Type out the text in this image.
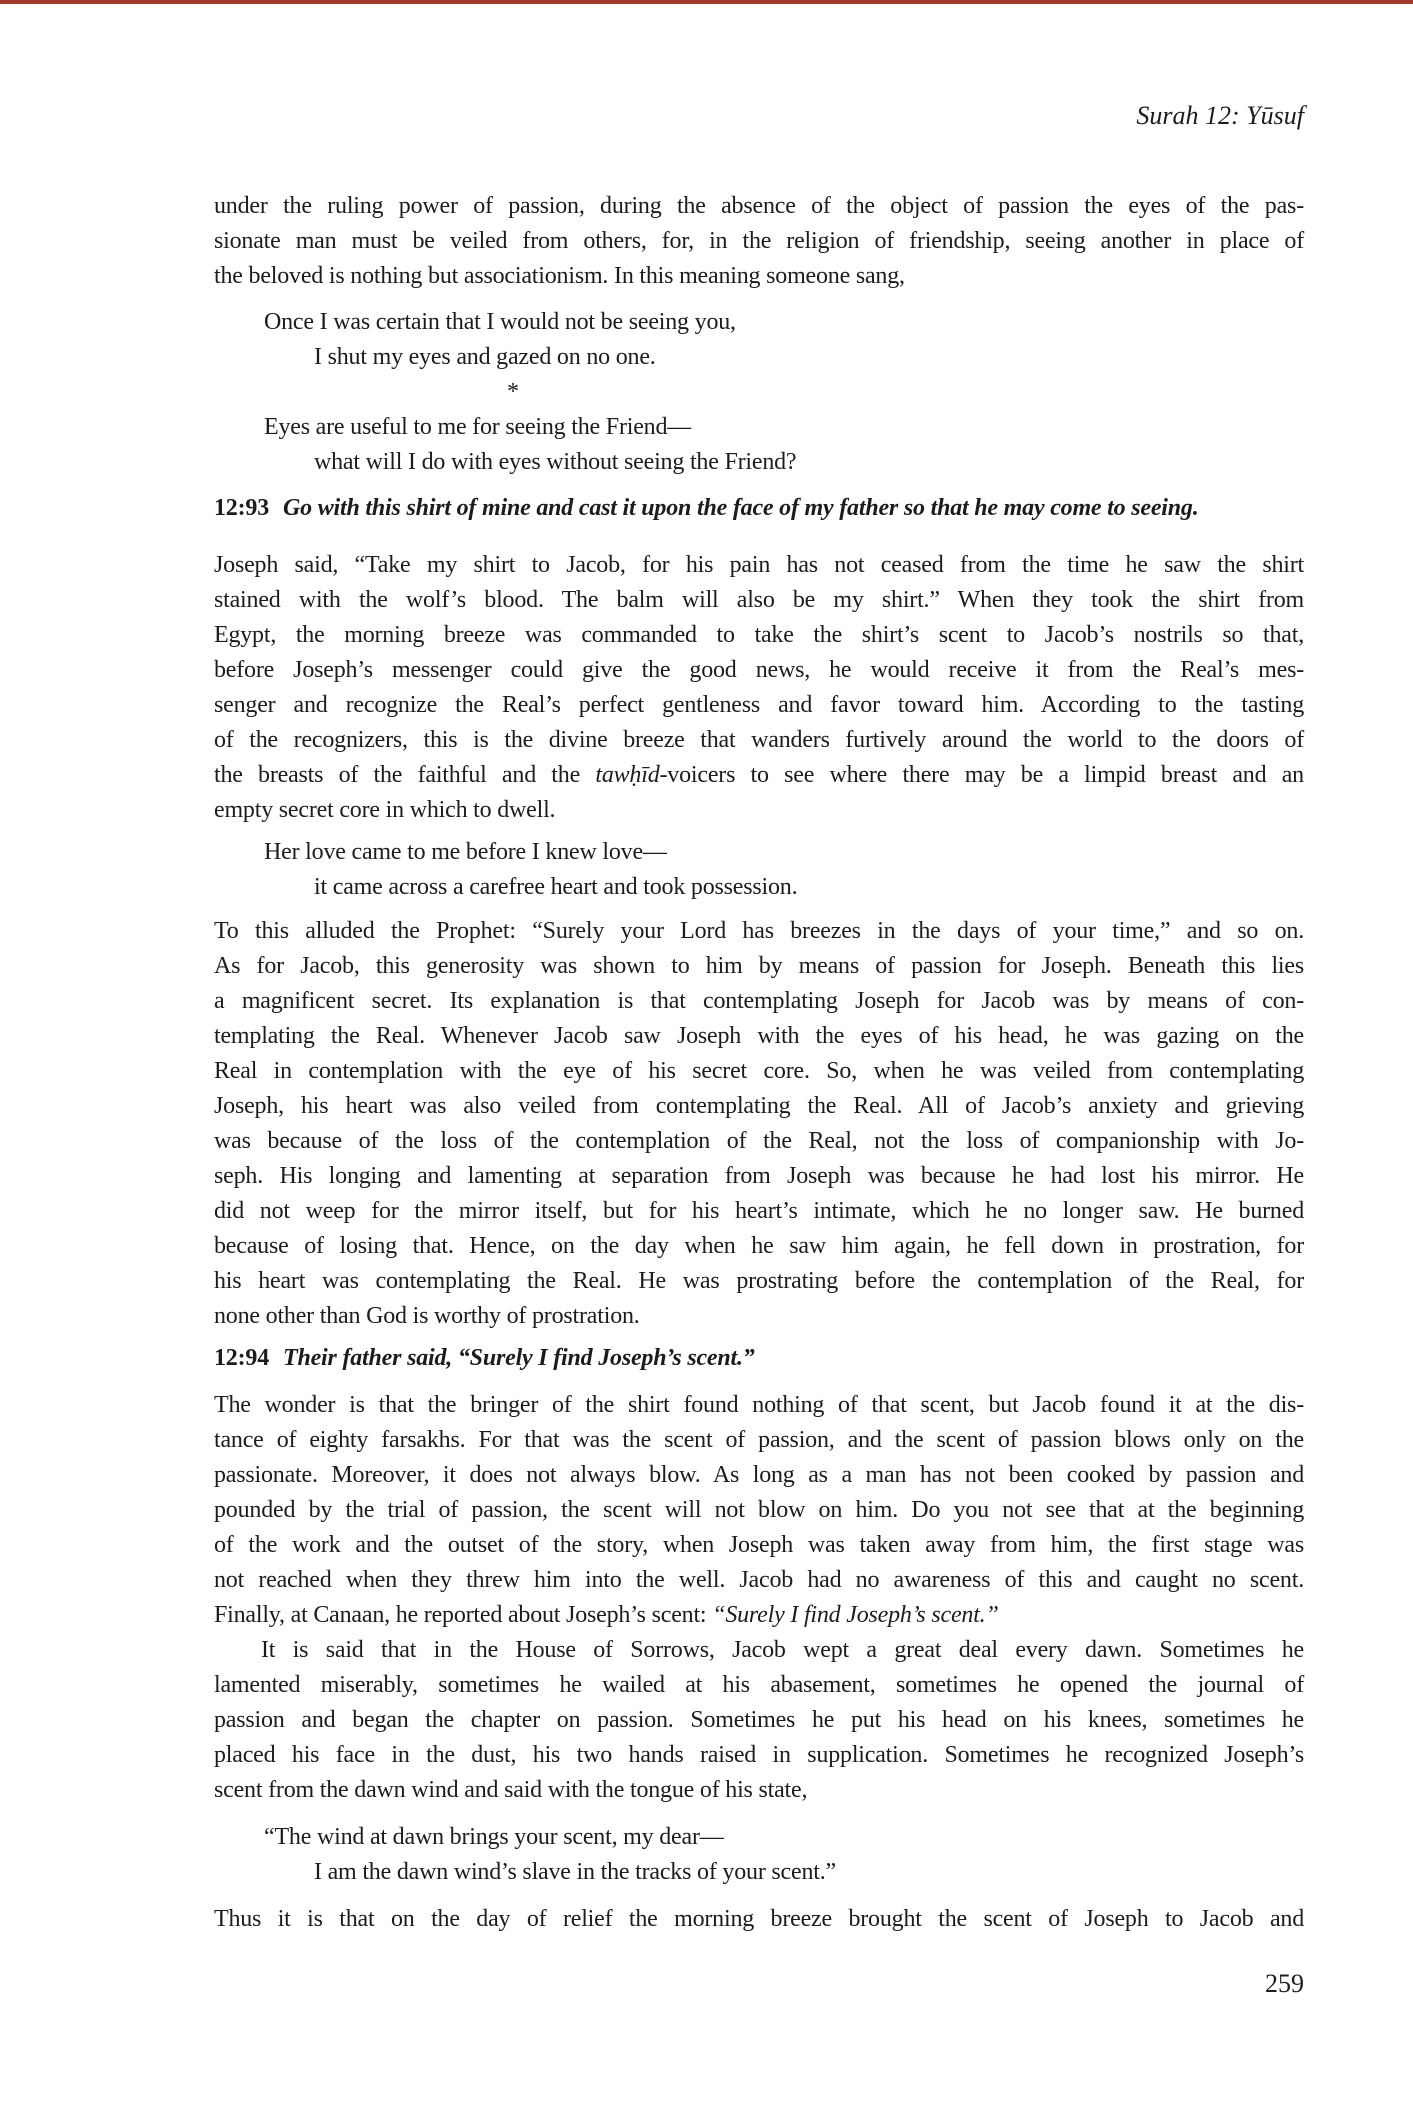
Surah 12: Yūsuf
under the ruling power of passion, during the absence of the object of passion the eyes of the pas-
sionate man must be veiled from others, for, in the religion of friendship, seeing another in place of
the beloved is nothing but associationism. In this meaning someone sang,
Once I was certain that I would not be seeing you,
I shut my eyes and gazed on no one.
*
Eyes are useful to me for seeing the Friend—
what will I do with eyes without seeing the Friend?
12:93 Go with this shirt of mine and cast it upon the face of my father so that he may come to seeing.
Joseph said, “Take my shirt to Jacob, for his pain has not ceased from the time he saw the shirt
stained with the wolf’s blood. The balm will also be my shirt.” When they took the shirt from
Egypt, the morning breeze was commanded to take the shirt’s scent to Jacob’s nostrils so that,
before Joseph’s messenger could give the good news, he would receive it from the Real’s mes-
senger and recognize the Real’s perfect gentleness and favor toward him. According to the tasting
of the recognizers, this is the divine breeze that wanders furtively around the world to the doors of
the breasts of the faithful and the tawḥīd-voicers to see where there may be a limpid breast and an
empty secret core in which to dwell.
Her love came to me before I knew love—
it came across a carefree heart and took possession.
To this alluded the Prophet: “Surely your Lord has breezes in the days of your time,” and so on.
As for Jacob, this generosity was shown to him by means of passion for Joseph. Beneath this lies
a magnificent secret. Its explanation is that contemplating Joseph for Jacob was by means of con-
templating the Real. Whenever Jacob saw Joseph with the eyes of his head, he was gazing on the
Real in contemplation with the eye of his secret core. So, when he was veiled from contemplating
Joseph, his heart was also veiled from contemplating the Real. All of Jacob’s anxiety and grieving
was because of the loss of the contemplation of the Real, not the loss of companionship with Jo-
seph. His longing and lamenting at separation from Joseph was because he had lost his mirror. He
did not weep for the mirror itself, but for his heart’s intimate, which he no longer saw. He burned
because of losing that. Hence, on the day when he saw him again, he fell down in prostration, for
his heart was contemplating the Real. He was prostrating before the contemplation of the Real, for
none other than God is worthy of prostration.
12:94 Their father said, “Surely I find Joseph’s scent.”
The wonder is that the bringer of the shirt found nothing of that scent, but Jacob found it at the dis-
tance of eighty farsakhs. For that was the scent of passion, and the scent of passion blows only on the
passionate. Moreover, it does not always blow. As long as a man has not been cooked by passion and
pounded by the trial of passion, the scent will not blow on him. Do you not see that at the beginning
of the work and the outset of the story, when Joseph was taken away from him, the first stage was
not reached when they threw him into the well. Jacob had no awareness of this and caught no scent.
Finally, at Canaan, he reported about Joseph’s scent: “Surely I find Joseph’s scent.”
It is said that in the House of Sorrows, Jacob wept a great deal every dawn. Sometimes he
lamented miserably, sometimes he wailed at his abasement, sometimes he opened the journal of
passion and began the chapter on passion. Sometimes he put his head on his knees, sometimes he
placed his face in the dust, his two hands raised in supplication. Sometimes he recognized Joseph’s
scent from the dawn wind and said with the tongue of his state,
“The wind at dawn brings your scent, my dear—
I am the dawn wind’s slave in the tracks of your scent.”
Thus it is that on the day of relief the morning breeze brought the scent of Joseph to Jacob and
259
